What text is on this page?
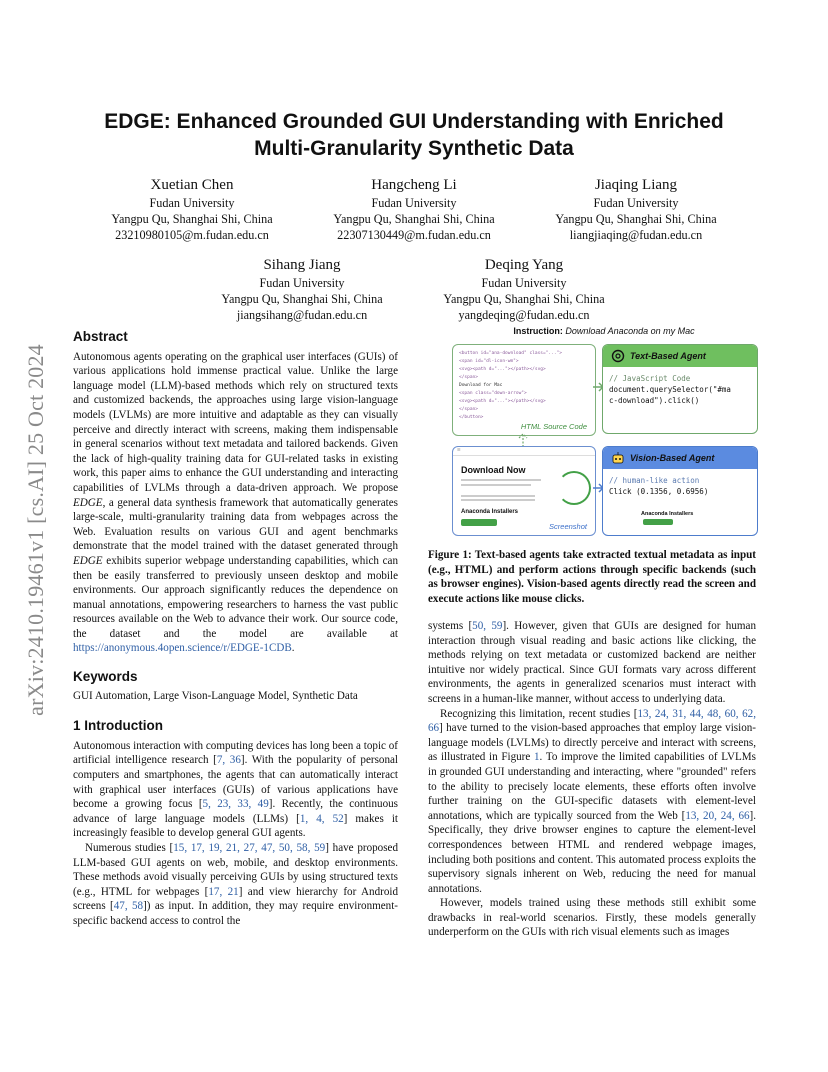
arXiv:2410.19461v1 [cs.AI] 25 Oct 2024
EDGE: Enhanced Grounded GUI Understanding with Enriched
Multi-Granularity Synthetic Data
Xuetian Chen
Fudan University
Yangpu Qu, Shanghai Shi, China
23210980105@m.fudan.edu.cn
Hangcheng Li
Fudan University
Yangpu Qu, Shanghai Shi, China
22307130449@m.fudan.edu.cn
Jiaqing Liang
Fudan University
Yangpu Qu, Shanghai Shi, China
liangjiaqing@fudan.edu.cn
Sihang Jiang
Fudan University
Yangpu Qu, Shanghai Shi, China
jiangsihang@fudan.edu.cn
Deqing Yang
Fudan University
Yangpu Qu, Shanghai Shi, China
yangdeqing@fudan.edu.cn

Abstract

Autonomous agents operating on the graphical user interfaces (GUIs) of various applications hold immense practical value. Unlike the large language model (LLM)-based methods which rely on structured texts and customized backends, the approaches using large vision-language models (LVLMs) are more intuitive and adaptable as they can visually perceive and directly interact with screens, making them indispensable in general scenarios without text metadata and tailored backends. Given the lack of high-quality training data for GUI-related tasks in existing work, this paper aims to enhance the GUI understanding and interacting capabilities of LVLMs through a data-driven approach. We propose EDGE, a general data synthesis framework that automatically generates large-scale, multi-granularity training data from webpages across the Web. Evaluation results on various GUI and agent benchmarks demonstrate that the model trained with the dataset generated through EDGE exhibits superior webpage understanding capabilities, which can then be easily transferred to previously unseen desktop and mobile environments. Our approach significantly reduces the dependence on manual annotations, empowering researchers to harness the vast public resources available on the Web to advance their work. Our source code, the dataset and the model are available at https://anonymous.4open.science/r/EDGE-1CDB.

Keywords

GUI Automation, Large Vison-Language Model, Synthetic Data

1 Introduction

Autonomous interaction with computing devices has long been a topic of artificial intelligence research [7, 36]. With the popularity of personal computers and smartphones, the agents that can automatically interact with graphical user interfaces (GUIs) of various applications have become a growing focus [5, 23, 33, 49]. Recently, the continuous advance of large language models (LLMs) [1, 4, 52] makes it increasingly feasible to develop general GUI agents.

Numerous studies [15, 17, 19, 21, 27, 47, 50, 58, 59] have proposed LLM-based GUI agents on web, mobile, and desktop environments. These methods avoid visually perceiving GUIs by using structured texts (e.g., HTML for webpages [17, 21] and view hierarchy for Android screens [47, 58]) as input. In addition, they may require environment-specific backend access to control the

Instruction: Download Anaconda on my Mac
<button id="ana-download" class="...">
<span id="dl-icon-wm">
<svg><path d="..."></path></svg>
</span>
Download for Mac
<span class="down-arrow">
<svg><path d="..."></path></svg>
</span>
</button>
HTML Source Code
Text-Based Agent
// JavaScript Code
document.querySelector("#ma
c-download").click()
☰
Download Now
Anaconda Installers
Screenshot
Vision-Based Agent
// human-like action
Click (0.1356, 0.6956)
Anaconda Installers
Figure 1: Text-based agents take extracted textual metadata as input (e.g., HTML) and perform actions through specific backends (such as browser engines). Vision-based agents directly read the screen and execute actions like mouse clicks.

systems [50, 59]. However, given that GUIs are designed for human interaction through visual reading and basic actions like clicking, the methods relying on text metadata or customized backend are neither intuitive nor widely practical. Since GUI formats vary across different environments, the agents in generalized scenarios must interact with screens in a human-like manner, without access to underlying data.

Recognizing this limitation, recent studies [13, 24, 31, 44, 48, 60, 62, 66] have turned to the vision-based approaches that employ large vision-language models (LVLMs) to directly perceive and interact with screens, as illustrated in Figure 1. To improve the limited capabilities of LVLMs in grounded GUI understanding and interacting, where "grounded" refers to the ability to precisely locate elements, these efforts often involve further training on the GUI-specific datasets with element-level annotations, which are typically sourced from the Web [13, 20, 24, 66]. Specifically, they drive browser engines to capture the element-level correspondences between HTML and rendered webpage images, including both positions and content. This automated process exploits the supervisory signals inherent on Web, reducing the need for manual annotations.

However, models trained using these methods still exhibit some drawbacks in real-world scenarios. Firstly, these models generally underperform on the GUIs with rich visual elements such as images
